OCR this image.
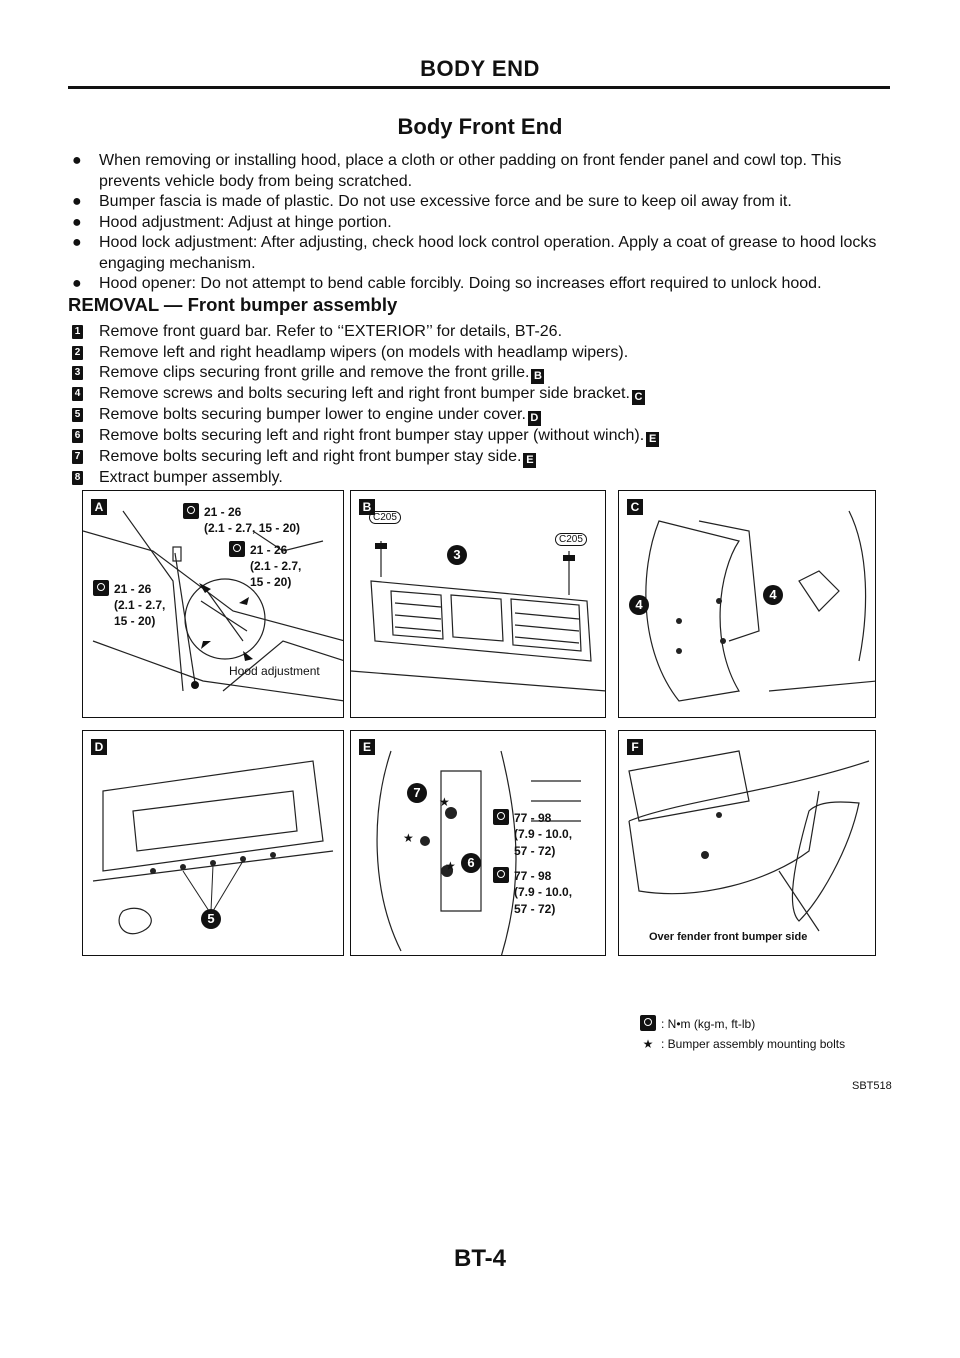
BODY END
Body Front End
●	When removing or installing hood, place a cloth or other padding on front fender panel and cowl top. This prevents vehicle body from being scratched.
●	Bumper fascia is made of plastic. Do not use excessive force and be sure to keep oil away from it.
●	Hood adjustment: Adjust at hinge portion.
●	Hood lock adjustment: After adjusting, check hood lock control operation. Apply a coat of grease to hood locks engaging mechanism.
●	Hood opener: Do not attempt to bend cable forcibly. Doing so increases effort required to unlock hood.
REMOVAL — Front bumper assembly
1 Remove front guard bar. Refer to ‘‘EXTERIOR’’ for details, BT-26.
2 Remove left and right headlamp wipers (on models with headlamp wipers).
3 Remove clips securing front grille and remove the front grille. B
4 Remove screws and bolts securing left and right front bumper side bracket. C
5 Remove bolts securing bumper lower to engine under cover. D
6 Remove bolts securing left and right front bumper stay upper (without winch). E
7 Remove bolts securing left and right front bumper stay side. E
8 Extract bumper assembly.
A	21 - 26
(2.1 - 2.7, 15 - 20)
21 - 26
(2.1 - 2.7,
15 - 20)
21 - 26
(2.1 - 2.7,
15 - 20)
Hood adjustment
B
C205
C205
3
C
4
4
D
5
E
7
6
★
★
★
77 - 98
(7.9 - 10.0,
57 - 72)
77 - 98
(7.9 - 10.0,
57 - 72)
F
Over fender front bumper side
: N•m (kg-m, ft-lb)
★ : Bumper assembly mounting bolts
SBT518
BT-4
